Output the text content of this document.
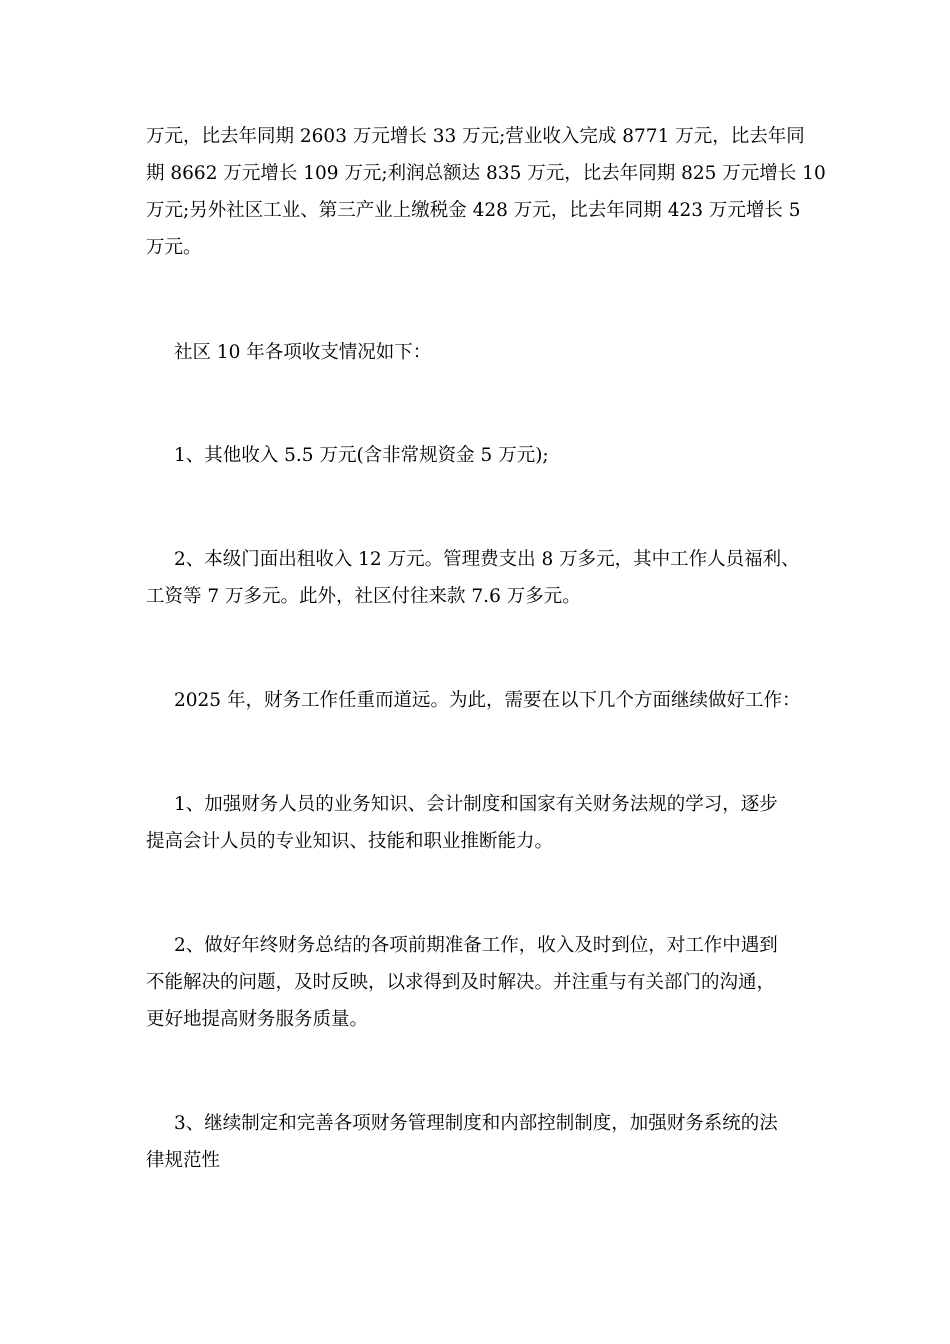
万元，比去年同期 2603 万元增长 33 万元;营业收入完成 8771 万元，比去年同
期 8662 万元增长 109 万元;利润总额达 835 万元，比去年同期 825 万元增长 10
万元;另外社区工业、第三产业上缴税金 428 万元，比去年同期 423 万元增长 5
万元。
社区 10 年各项收支情况如下：
1、其他收入 5.5 万元(含非常规资金 5 万元);
2、本级门面出租收入 12 万元。管理费支出 8 万多元，其中工作人员福利、
工资等 7 万多元。此外，社区付往来款 7.6 万多元。
2025 年，财务工作任重而道远。为此，需要在以下几个方面继续做好工作：
1、加强财务人员的业务知识、会计制度和国家有关财务法规的学习，逐步
提高会计人员的专业知识、技能和职业推断能力。
2、做好年终财务总结的各项前期准备工作，收入及时到位，对工作中遇到
不能解决的问题，及时反映，以求得到及时解决。并注重与有关部门的沟通，
更好地提高财务服务质量。
3、继续制定和完善各项财务管理制度和内部控制制度，加强财务系统的法
律规范性
